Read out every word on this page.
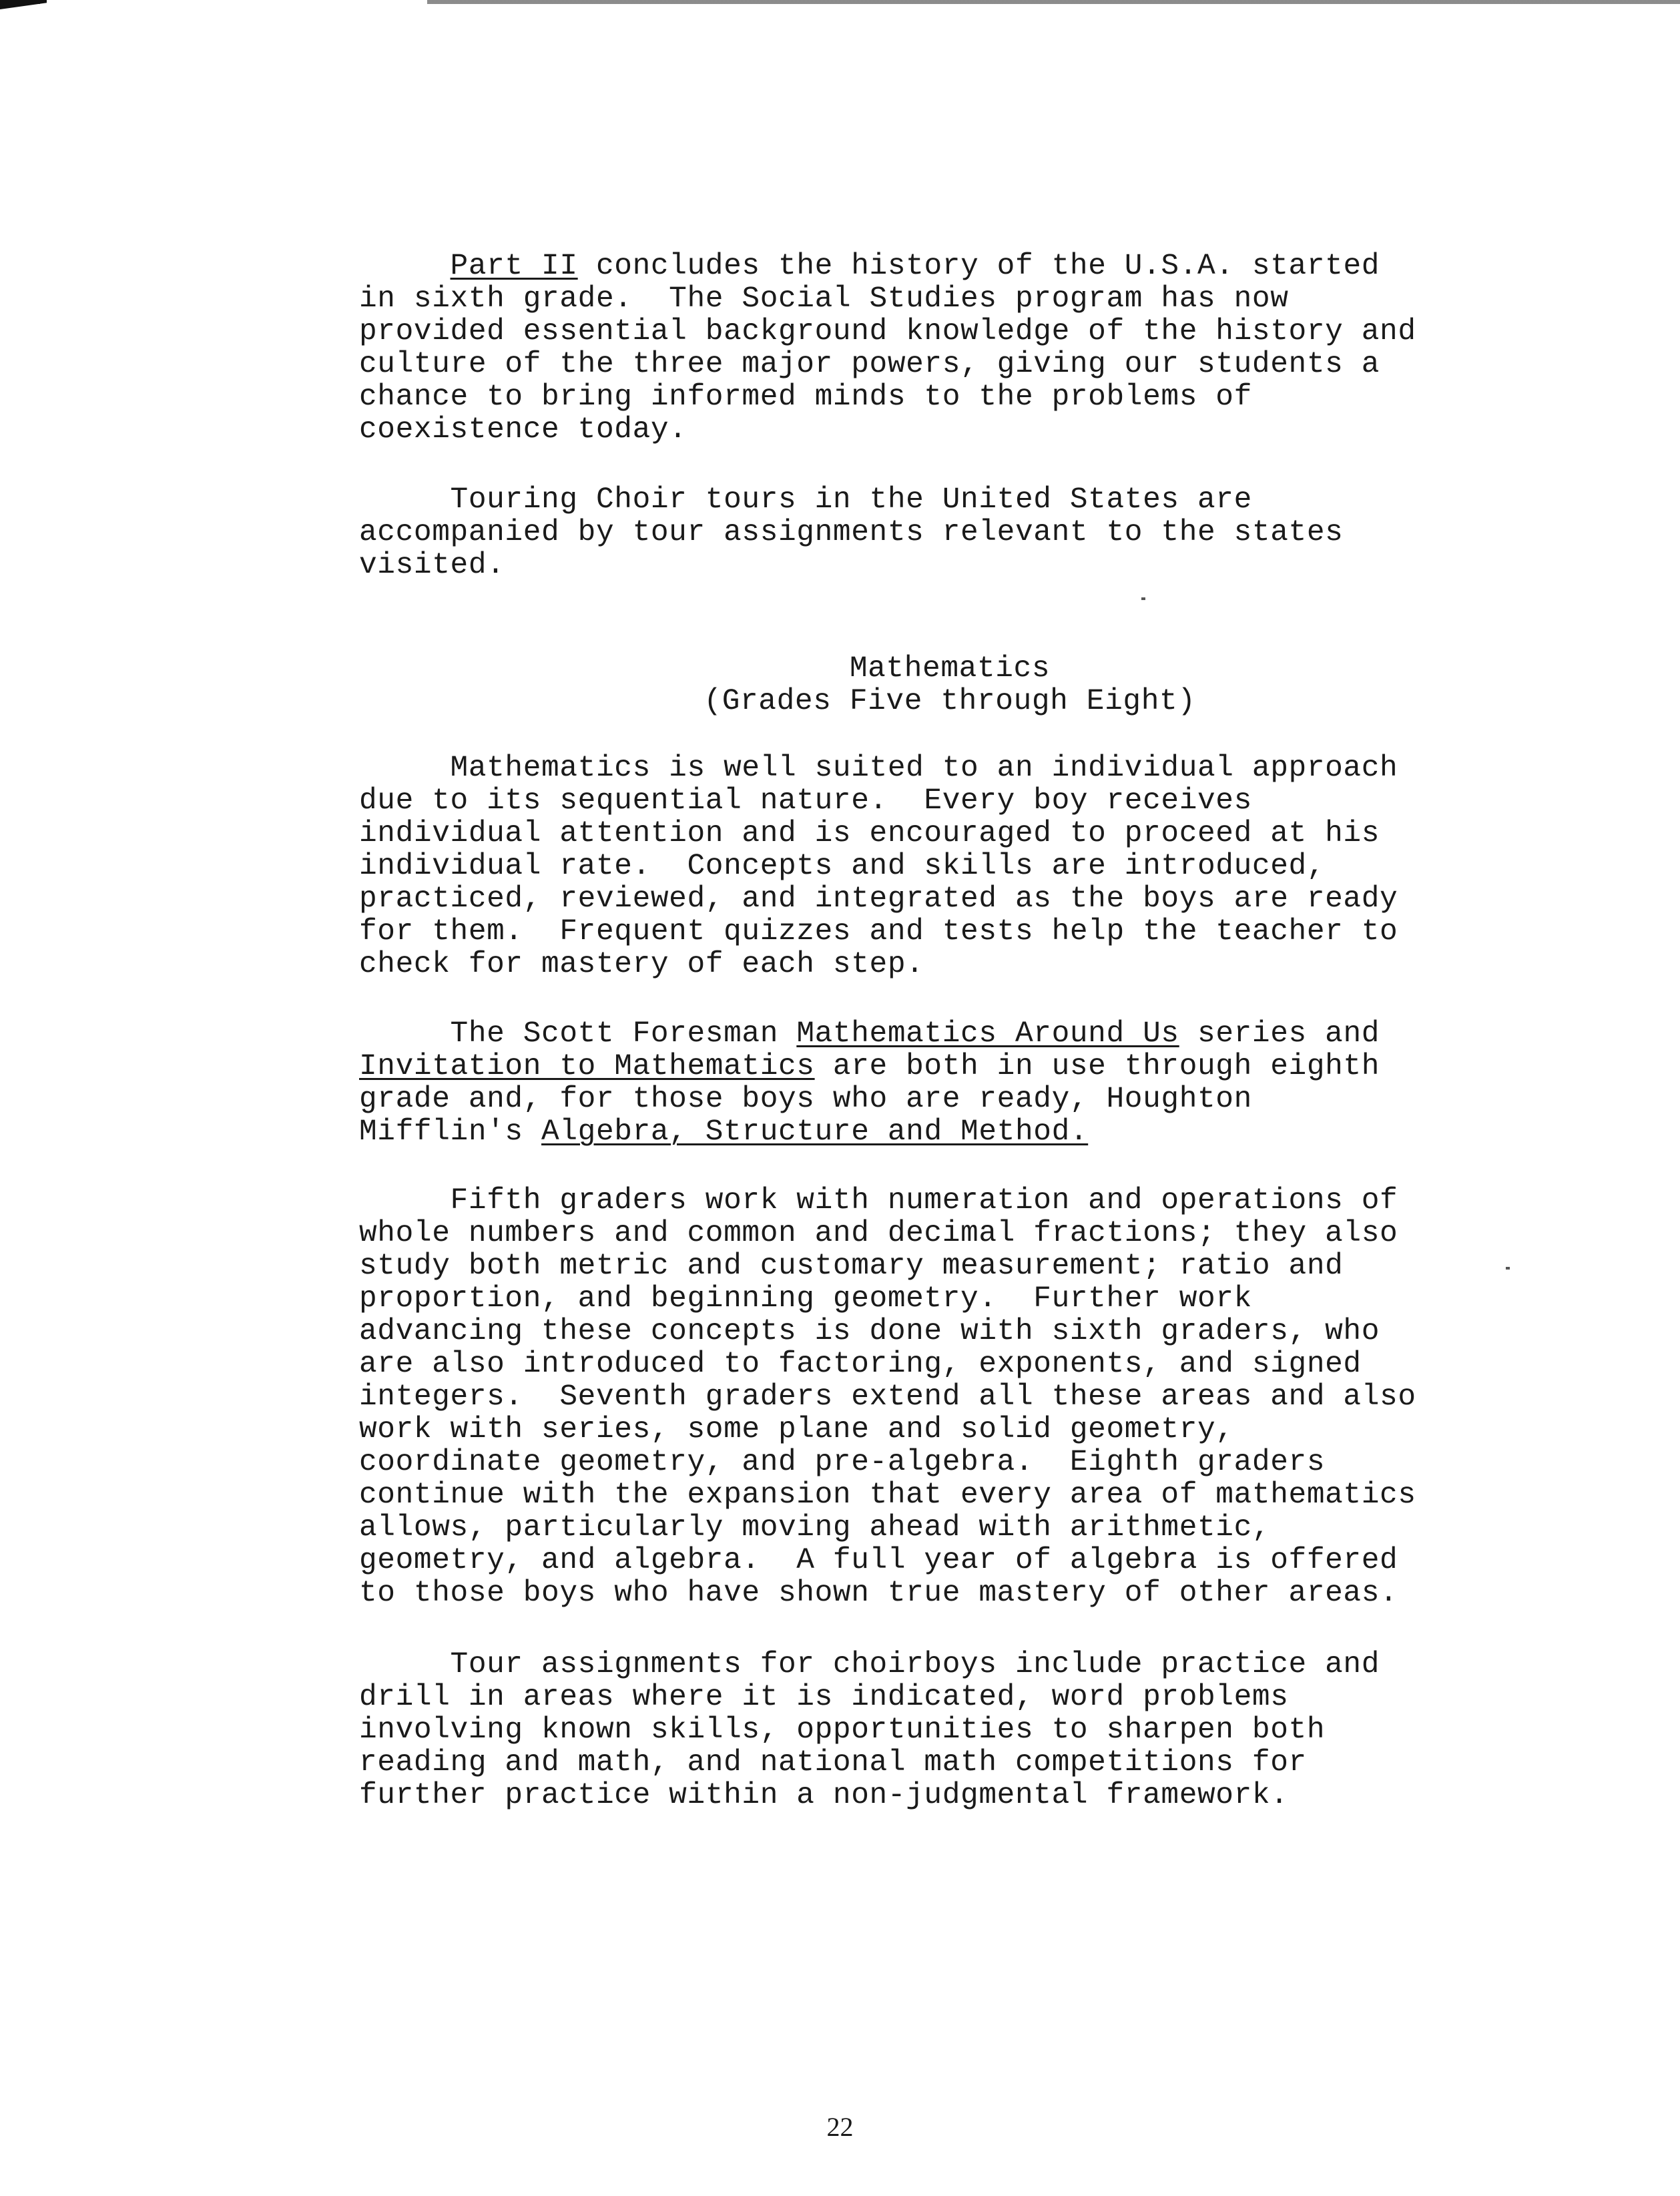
Part II concludes the history of the U.S.A. started
in sixth grade.  The Social Studies program has now
provided essential background knowledge of the history and
culture of the three major powers, giving our students a
chance to bring informed minds to the problems of
coexistence today.

Touring Choir tours in the United States are
accompanied by tour assignments relevant to the states
visited.

Mathematics
(Grades Five through Eight)

Mathematics is well suited to an individual approach
due to its sequential nature.  Every boy receives
individual attention and is encouraged to proceed at his
individual rate.  Concepts and skills are introduced,
practiced, reviewed, and integrated as the boys are ready
for them.  Frequent quizzes and tests help the teacher to
check for mastery of each step.

The Scott Foresman Mathematics Around Us series and
Invitation to Mathematics are both in use through eighth
grade and, for those boys who are ready, Houghton
Mifflin's Algebra, Structure and Method.

Fifth graders work with numeration and operations of
whole numbers and common and decimal fractions; they also
study both metric and customary measurement; ratio and
proportion, and beginning geometry.  Further work
advancing these concepts is done with sixth graders, who
are also introduced to factoring, exponents, and signed
integers.  Seventh graders extend all these areas and also
work with series, some plane and solid geometry,
coordinate geometry, and pre-algebra.  Eighth graders
continue with the expansion that every area of mathematics
allows, particularly moving ahead with arithmetic,
geometry, and algebra.  A full year of algebra is offered
to those boys who have shown true mastery of other areas.

Tour assignments for choirboys include practice and
drill in areas where it is indicated, word problems
involving known skills, opportunities to sharpen both
reading and math, and national math competitions for
further practice within a non-judgmental framework.

22
